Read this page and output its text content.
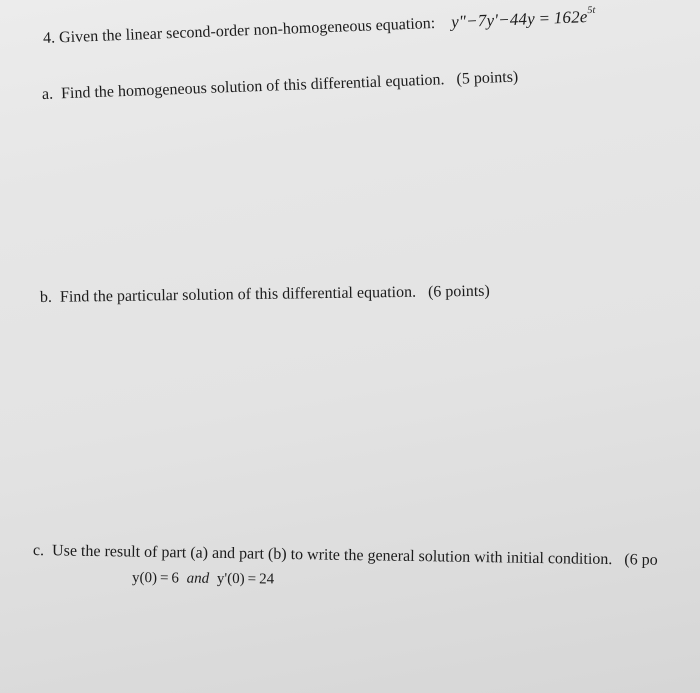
4. Given the linear second-order non-homogeneous equation: y"−7y'−44y = $162e^{5t}$
a. Find the homogeneous solution of this differential equation. (5 points)
b. Find the particular solution of this differential equation. (6 points)
c. Use the result of part (a) and part (b) to write the general solution with initial condition. (6 po
y(0) = 6 and y'(0) = 24
